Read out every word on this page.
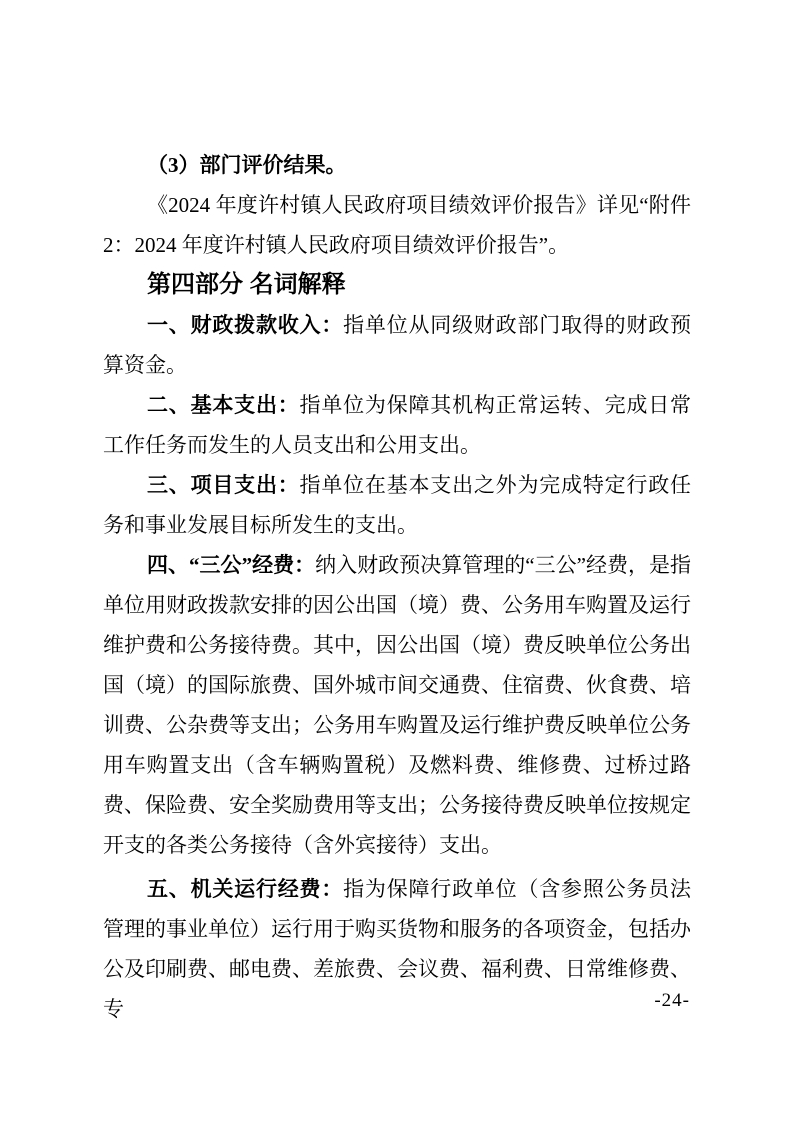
（3）部门评价结果。

《2024 年度许村镇人民政府项目绩效评价报告》详见“附件2：2024 年度许村镇人民政府项目绩效评价报告”。

第四部分 名词解释

一、财政拨款收入：指单位从同级财政部门取得的财政预算资金。

二、基本支出：指单位为保障其机构正常运转、完成日常工作任务而发生的人员支出和公用支出。

三、项目支出：指单位在基本支出之外为完成特定行政任务和事业发展目标所发生的支出。

四、“三公”经费：纳入财政预决算管理的“三公”经费，是指单位用财政拨款安排的因公出国（境）费、公务用车购置及运行维护费和公务接待费。其中，因公出国（境）费反映单位公务出国（境）的国际旅费、国外城市间交通费、住宿费、伙食费、培训费、公杂费等支出；公务用车购置及运行维护费反映单位公务用车购置支出（含车辆购置税）及燃料费、维修费、过桥过路费、保险费、安全奖励费用等支出；公务接待费反映单位按规定开支的各类公务接待（含外宾接待）支出。

五、机关运行经费：指为保障行政单位（含参照公务员法管理的事业单位）运行用于购买货物和服务的各项资金，包括办公及印刷费、邮电费、差旅费、会议费、福利费、日常维修费、专	-24-
